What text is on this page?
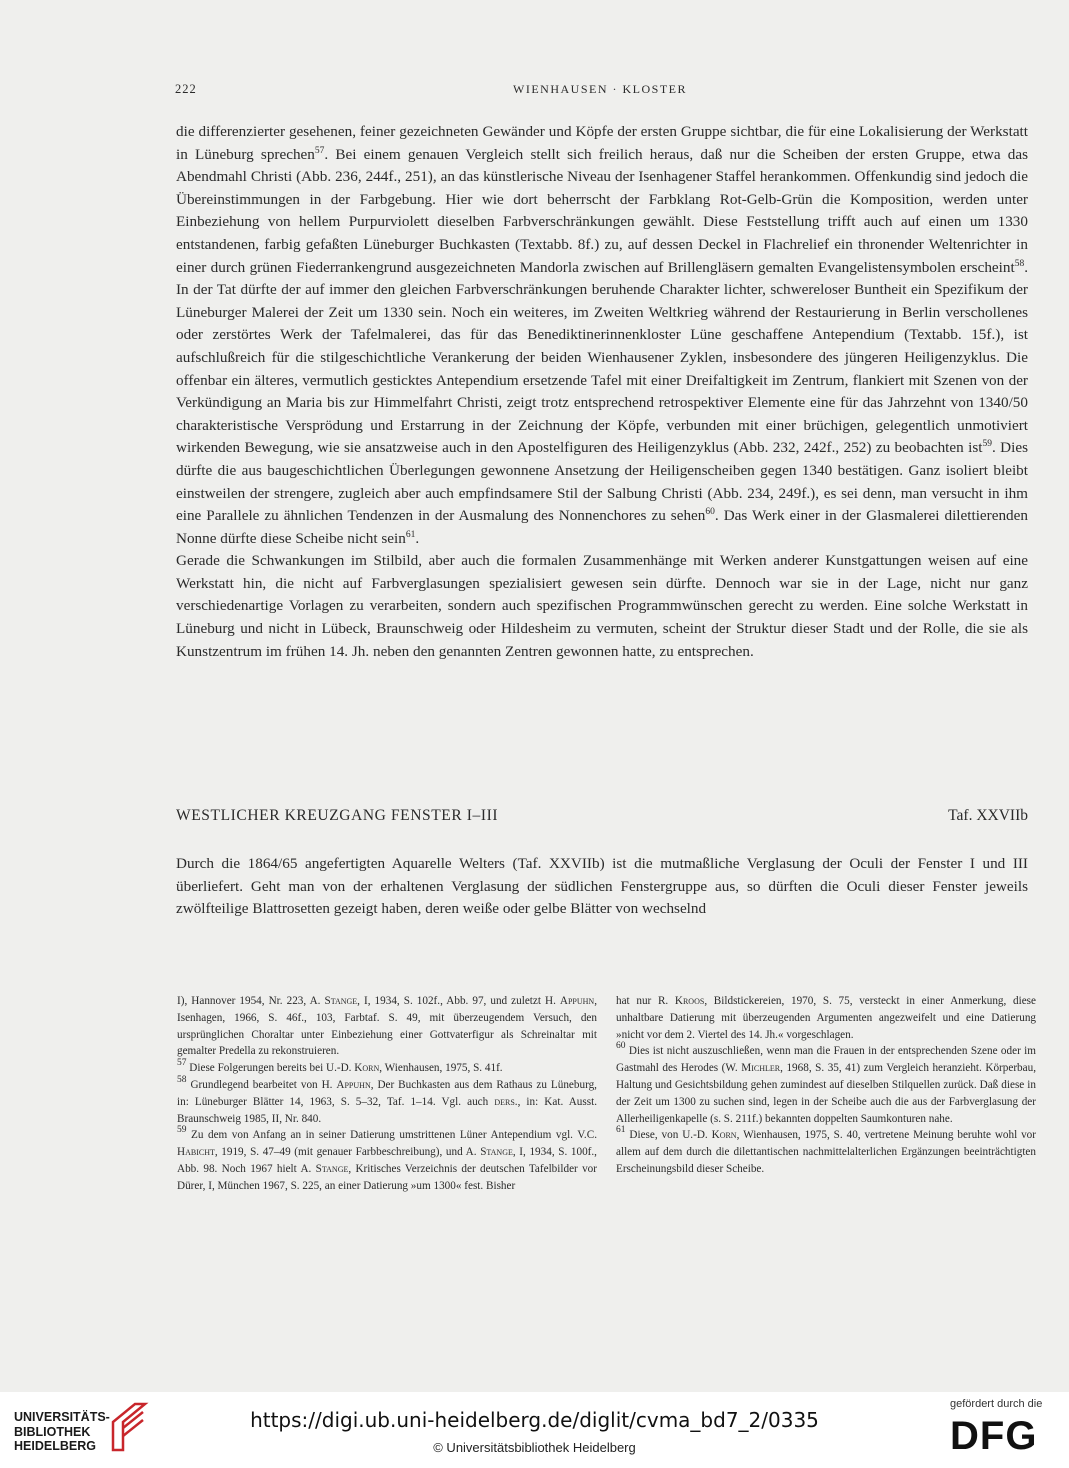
222	WIENHAUSEN · KLOSTER

die differenzierter gesehenen, feiner gezeichneten Gewänder und Köpfe der ersten Gruppe sichtbar, die für eine Lokalisierung der Werkstatt in Lüneburg sprechen$^{57}$. Bei einem genauen Vergleich stellt sich freilich heraus, daß nur die Scheiben der ersten Gruppe, etwa das Abendmahl Christi (Abb. 236, 244f., 251), an das künstlerische Niveau der Isenhagener Staffel herankommen. Offenkundig sind jedoch die Übereinstimmungen in der Farbgebung. Hier wie dort beherrscht der Farbklang Rot-Gelb-Grün die Komposition, werden unter Einbeziehung von hellem Purpurviolett dieselben Farbverschränkungen gewählt. Diese Feststellung trifft auch auf einen um 1330 entstandenen, farbig gefaßten Lüneburger Buchkasten (Textabb. 8f.) zu, auf dessen Deckel in Flachrelief ein thronender Weltenrichter in einer durch grünen Fiederrankengrund ausgezeichneten Mandorla zwischen auf Brillengläsern gemalten Evangelistensymbolen erscheint$^{58}$. In der Tat dürfte der auf immer den gleichen Farbverschränkungen beruhende Charakter lichter, schwereloser Buntheit ein Spezifikum der Lüneburger Malerei der Zeit um 1330 sein. Noch ein weiteres, im Zweiten Weltkrieg während der Restaurierung in Berlin verschollenes oder zerstörtes Werk der Tafelmalerei, das für das Benediktinerinnenkloster Lüne geschaffene Antependium (Textabb. 15f.), ist aufschlußreich für die stilgeschichtliche Verankerung der beiden Wienhausener Zyklen, insbesondere des jüngeren Heiligenzyklus. Die offenbar ein älteres, vermutlich gesticktes Antependium ersetzende Tafel mit einer Dreifaltigkeit im Zentrum, flankiert mit Szenen von der Verkündigung an Maria bis zur Himmelfahrt Christi, zeigt trotz entsprechend retrospektiver Elemente eine für das Jahrzehnt von 1340/50 charakteristische Versprödung und Erstarrung in der Zeichnung der Köpfe, verbunden mit einer brüchigen, gelegentlich unmotiviert wirkenden Bewegung, wie sie ansatzweise auch in den Apostelfiguren des Heiligenzyklus (Abb. 232, 242f., 252) zu beobachten ist$^{59}$. Dies dürfte die aus baugeschichtlichen Überlegungen gewonnene Ansetzung der Heiligenscheiben gegen 1340 bestätigen. Ganz isoliert bleibt einstweilen der strengere, zugleich aber auch empfindsamere Stil der Salbung Christi (Abb. 234, 249f.), es sei denn, man versucht in ihm eine Parallele zu ähnlichen Tendenzen in der Ausmalung des Nonnenchores zu sehen$^{60}$. Das Werk einer in der Glasmalerei dilettierenden Nonne dürfte diese Scheibe nicht sein$^{61}$.

Gerade die Schwankungen im Stilbild, aber auch die formalen Zusammenhänge mit Werken anderer Kunstgattungen weisen auf eine Werkstatt hin, die nicht auf Farbverglasungen spezialisiert gewesen sein dürfte. Dennoch war sie in der Lage, nicht nur ganz verschiedenartige Vorlagen zu verarbeiten, sondern auch spezifischen Programmwünschen gerecht zu werden. Eine solche Werkstatt in Lüneburg und nicht in Lübeck, Braunschweig oder Hildesheim zu vermuten, scheint der Struktur dieser Stadt und der Rolle, die sie als Kunstzentrum im frühen 14. Jh. neben den genannten Zentren gewonnen hatte, zu entsprechen.

WESTLICHER KREUZGANG FENSTER I–III	Taf. XXVIIb

Durch die 1864/65 angefertigten Aquarelle Welters (Taf. XXVIIb) ist die mutmaßliche Verglasung der Oculi der Fenster I und III überliefert. Geht man von der erhaltenen Verglasung der südlichen Fenstergruppe aus, so dürften die Oculi dieser Fenster jeweils zwölfteilige Blattrosetten gezeigt haben, deren weiße oder gelbe Blätter von wechselnd

I), Hannover 1954, Nr. 223, A. Stange, I, 1934, S. 102f., Abb. 97, und zuletzt H. Appuhn, Isenhagen, 1966, S. 46f., 103, Farbtaf. S. 49, mit überzeugendem Versuch, den ursprünglichen Choraltar unter Einbeziehung einer Gottvaterfigur als Schreinaltar mit gemalter Predella zu rekonstruieren.

$^{57}$ Diese Folgerungen bereits bei U.-D. Korn, Wienhausen, 1975, S. 41f.

$^{58}$ Grundlegend bearbeitet von H. Appuhn, Der Buchkasten aus dem Rathaus zu Lüneburg, in: Lüneburger Blätter 14, 1963, S. 5–32, Taf. 1–14. Vgl. auch ders., in: Kat. Ausst. Braunschweig 1985, II, Nr. 840.

$^{59}$ Zu dem von Anfang an in seiner Datierung umstrittenen Lüner Antependium vgl. V.C. Habicht, 1919, S. 47–49 (mit genauer Farbbeschreibung), und A. Stange, I, 1934, S. 100f., Abb. 98. Noch 1967 hielt A. Stange, Kritisches Verzeichnis der deutschen Tafelbilder vor Dürer, I, München 1967, S. 225, an einer Datierung »um 1300« fest. Bisher

hat nur R. Kroos, Bildstickereien, 1970, S. 75, versteckt in einer Anmerkung, diese unhaltbare Datierung mit überzeugenden Argumenten angezweifelt und eine Datierung »nicht vor dem 2. Viertel des 14. Jh.« vorgeschlagen.

$^{60}$ Dies ist nicht auszuschließen, wenn man die Frauen in der entsprechenden Szene oder im Gastmahl des Herodes (W. Michler, 1968, S. 35, 41) zum Vergleich heranzieht. Körperbau, Haltung und Gesichtsbildung gehen zumindest auf dieselben Stilquellen zurück. Daß diese in der Zeit um 1300 zu suchen sind, legen in der Scheibe auch die aus der Farbverglasung der Allerheiligenkapelle (s. S. 211f.) bekannten doppelten Saumkonturen nahe.

$^{61}$ Diese, von U.-D. Korn, Wienhausen, 1975, S. 40, vertretene Meinung beruhte wohl vor allem auf dem durch die dilettantischen nachmittelalterlichen Ergänzungen beeinträchtigten Erscheinungsbild dieser Scheibe.

UNIVERSITÄTS-
BIBLIOTHEK
HEIDELBERG
https://digi.ub.uni-heidelberg.de/diglit/cvma_bd7_2/0335
© Universitätsbibliothek Heidelberg
gefördert durch die
DFG
